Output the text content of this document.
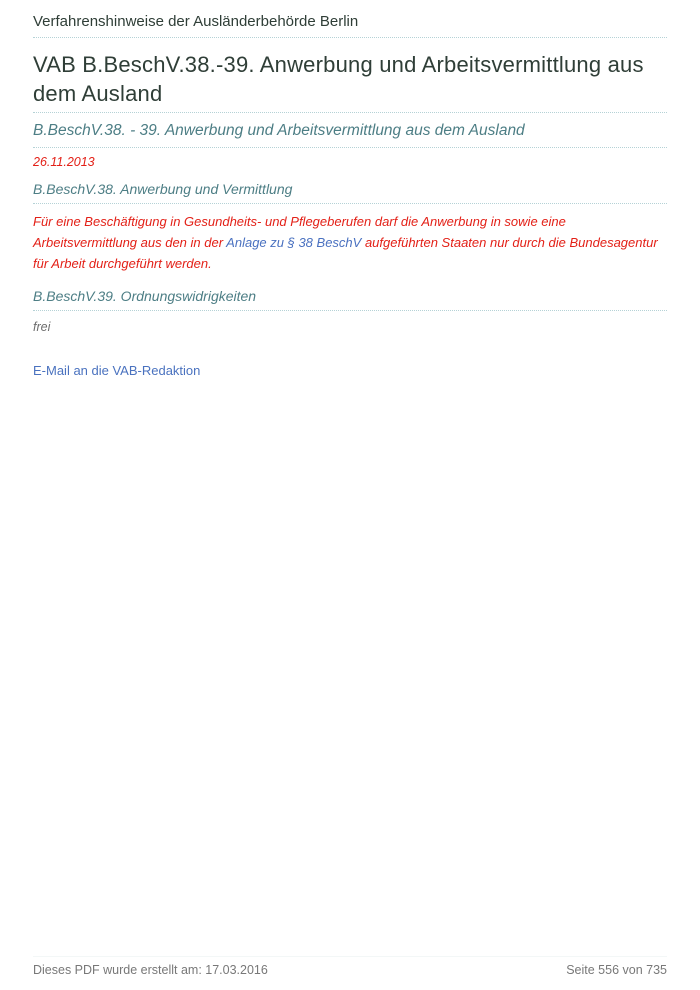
Verfahrenshinweise der Ausländerbehörde Berlin
VAB B.BeschV.38.-39. Anwerbung und Arbeitsvermittlung aus dem Ausland
B.BeschV.38. - 39. Anwerbung und Arbeitsvermittlung aus dem Ausland
26.11.2013
B.BeschV.38. Anwerbung und Vermittlung

Für eine Beschäftigung in Gesundheits- und Pflegeberufen darf die Anwerbung in sowie eine Arbeitsvermittlung aus den in der Anlage zu § 38 BeschV aufgeführten Staaten nur durch die Bundesagentur für Arbeit durchgeführt werden.

B.BeschV.39. Ordnungswidrigkeiten
frei
E-Mail an die VAB-Redaktion
Dieses PDF wurde erstellt am: 17.03.2016	Seite 556 von 735
